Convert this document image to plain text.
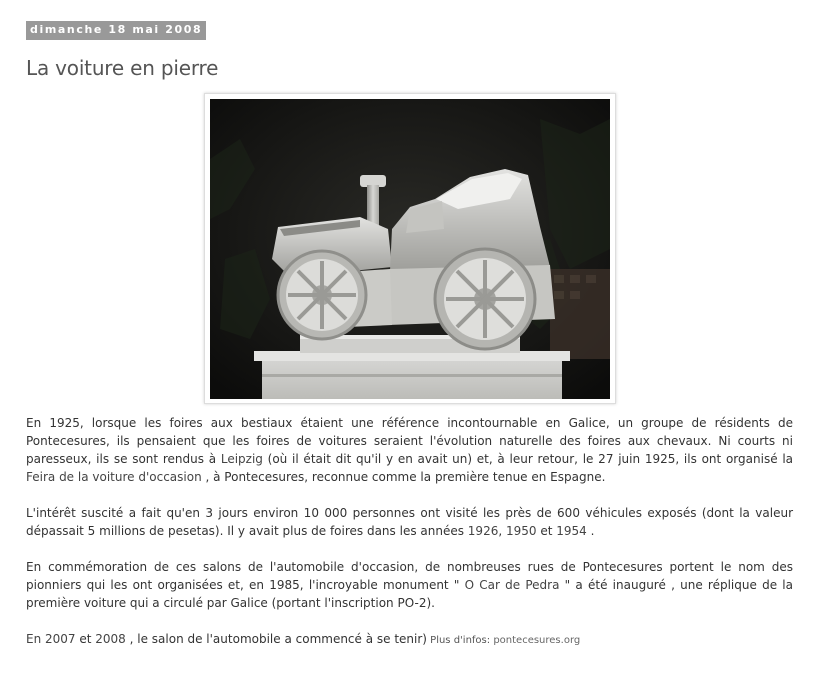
dimanche 18 mai 2008
La voiture en pierre

En 1925, lorsque les foires aux bestiaux étaient une référence incontournable en Galice, un groupe de résidents de Pontecesures, ils pensaient que les foires de voitures seraient l'évolution naturelle des foires aux chevaux. Ni courts ni paresseux, ils se sont rendus à Leipzig (où il était dit qu'il y en avait un) et, à leur retour, le 27 juin 1925, ils ont organisé la Feira de la voiture d'occasion , à Pontecesures, reconnue comme la première tenue en Espagne.

L'intérêt suscité a fait qu'en 3 jours environ 10 000 personnes ont visité les près de 600 véhicules exposés (dont la valeur dépassait 5 millions de pesetas). Il y avait plus de foires dans les années 1926, 1950 et 1954 .

En commémoration de ces salons de l'automobile d'occasion, de nombreuses rues de Pontecesures portent le nom des pionniers qui les ont organisées et, en 1985, l'incroyable monument " O Car de Pedra " a été inauguré , une réplique de la première voiture qui a circulé par Galice (portant l'inscription PO-2).

En 2007 et 2008 , le salon de l'automobile a commencé à se tenir) Plus d'infos: pontecesures.org
